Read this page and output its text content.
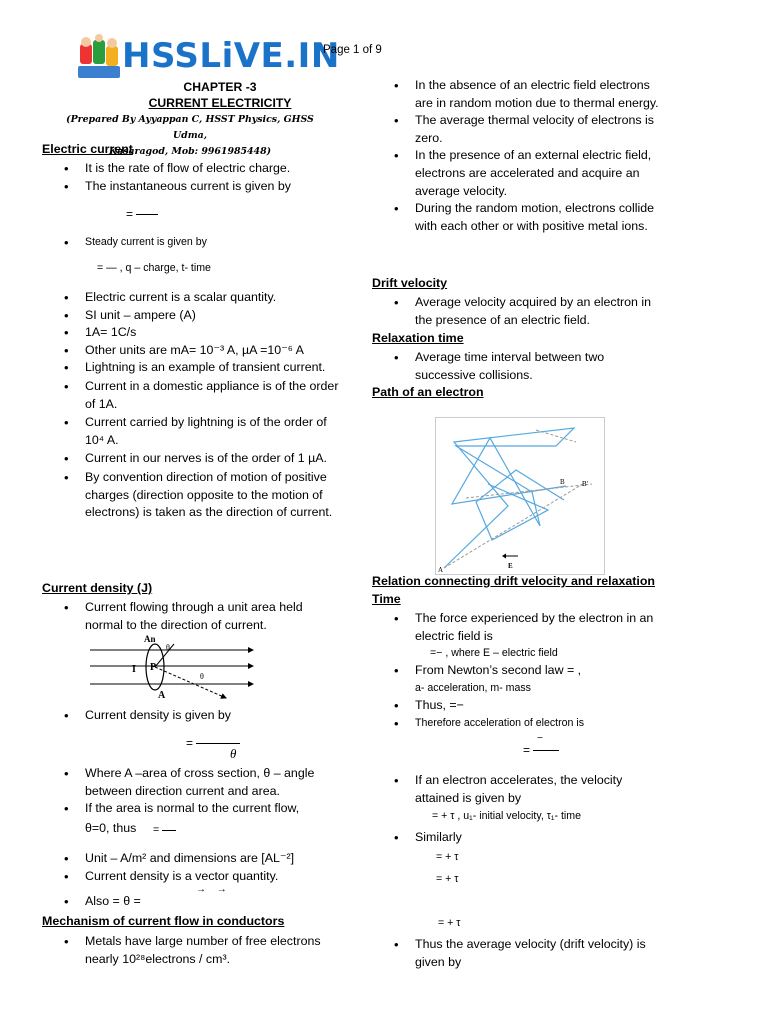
HSSLiVE.IN
Page 1 of 9
CHAPTER -3
CURRENT ELECTRICITY
(Prepared By Ayyappan C, HSST Physics, GHSS Udma,
Kasaragod, Mob: 9961985448)
Electric current
• It is the rate of flow of electric charge.
• The instantaneous current is given by
=
• Steady current is given by
= — , q – charge, t- time
• Electric current is a scalar quantity.
• SI unit – ampere (A)
• 1A= 1C/s
• Other units are mA= 10⁻³ A, µA =10⁻⁶ A
• Lightning is an example of transient current.
• Current in a domestic appliance is of the order of 1A.
• Current carried by lightning is of the order of 10⁴ A.
• Current in our nerves is of the order of 1 µA.
• By convention direction of motion of positive charges (direction opposite to the motion of electrons) is taken as the direction of current.
Current density (J)
• Current flowing through a unit area held normal to the direction of current.
An
θ
I P
θ
A
• Current density is given by
=
θ
• Where A –area of cross section, θ – angle between direction current and area.
• If the area is normal to the current flow,
θ=0, thus =
• Unit – A/m² and dimensions are [AL⁻²]
• Current density is a vector quantity.
• Also = θ =
→ →
Mechanism of current flow in conductors
• Metals have large number of free electrons nearly 10²⁸electrons / cm³.
• In the absence of an electric field electrons are in random motion due to thermal energy.
• The average thermal velocity of electrons is zero.
• In the presence of an external electric field, electrons are accelerated and acquire an average velocity.
• During the random motion, electrons collide with each other or with positive metal ions.
Drift velocity
• Average velocity acquired by an electron in the presence of an electric field.
Relaxation time
• Average time interval between two successive collisions.
Path of an electron
B B'
A	E
Relation connecting drift velocity and relaxation
Time
• The force experienced by the electron in an electric field is
=− , where E – electric field
• From Newton’s second law = ,
a- acceleration, m- mass
• Thus, =−
• Therefore acceleration of electron is
=
−
• If an electron accelerates, the velocity attained is given by
= + τ , u₁- initial velocity, τ₁- time
• Similarly
= + τ
= + τ
= + τ
• Thus the average velocity (drift velocity) is given by
